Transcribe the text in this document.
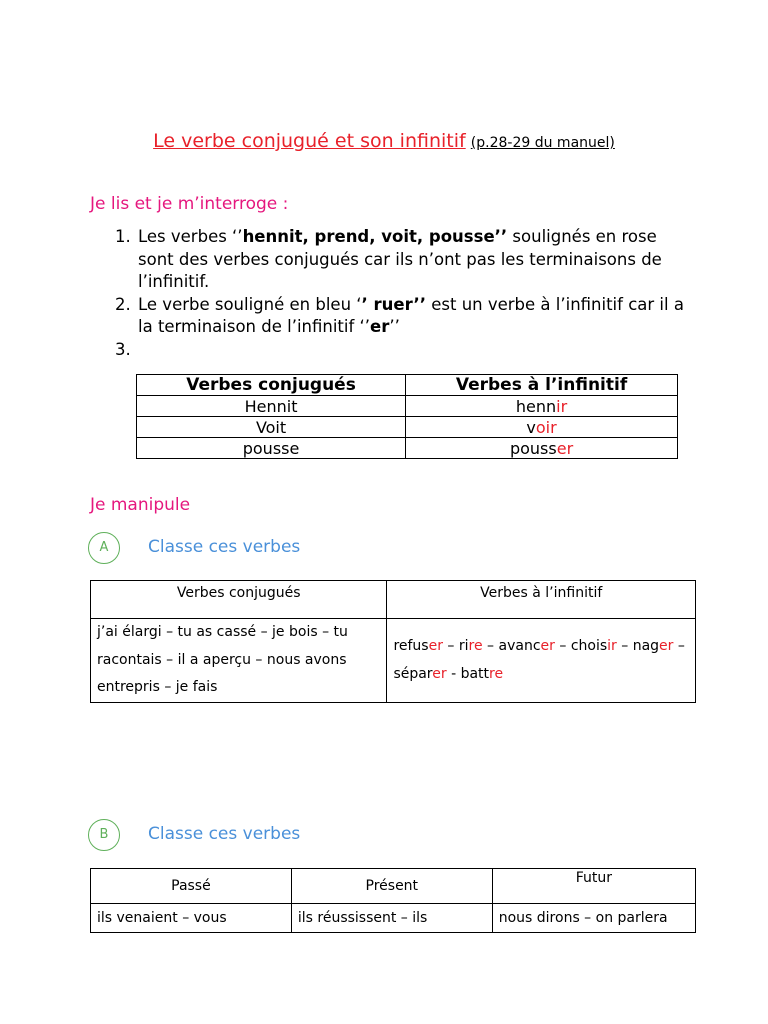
Le verbe conjugué et son infinitif (p.28-29 du manuel)
Je lis et je m’interroge :
1. Les verbes ‘’hennit, prend, voit, pousse’’ soulignés en rose sont des verbes conjugués car ils n’ont pas les terminaisons de l’infinitif.
2. Le verbe souligné en bleu ‘’ ruer’’ est un verbe à l’infinitif car il a la terminaison de l’infinitif ‘’er’’
3.
Verbes conjugués	Verbes à l’infinitif
Hennit	hennir
Voit	voir
pousse	pousser
Je manipule
A	Classe ces verbes
Verbes conjugués	Verbes à l’infinitif
j’ai élargi – tu as cassé – je bois – tu racontais – il a aperçu – nous avons entrepris – je fais	refuser – rire – avancer – choisir – nager – séparer - battre
B	Classe ces verbes
Passé	Présent	Futur
ils venaient – vous	ils réussissent – ils	nous dirons – on parlera
